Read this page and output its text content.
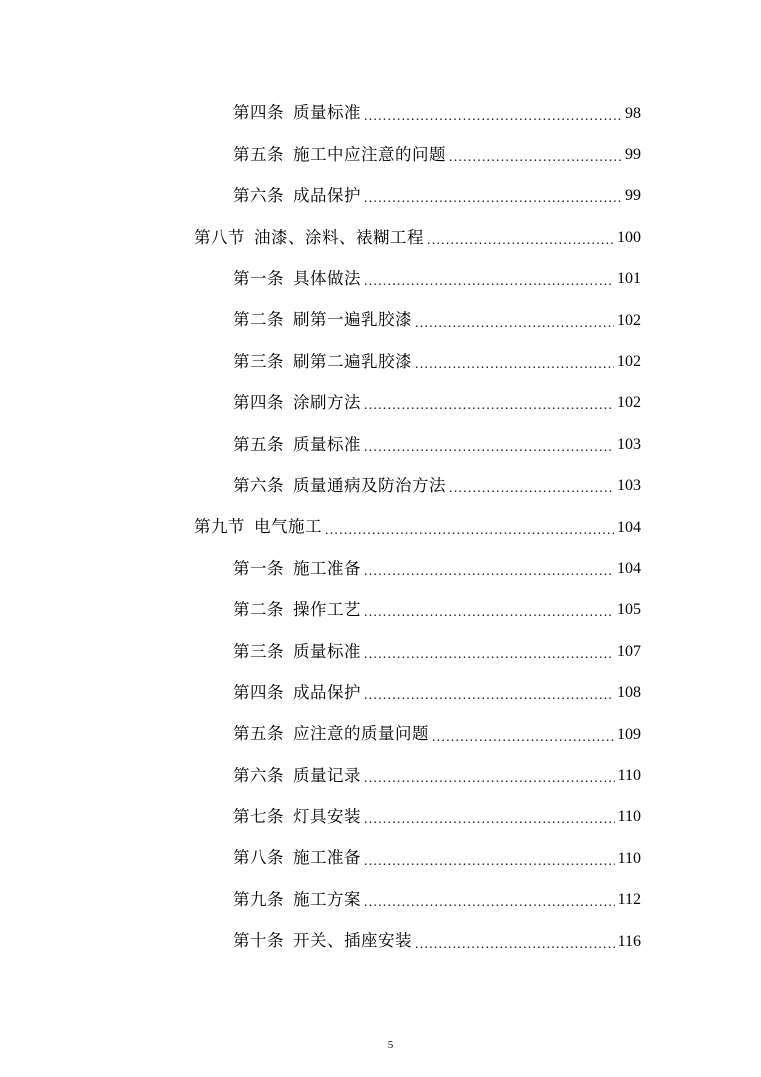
第四条 质量标准 .....	98
第五条 施工中应注意的问题 .....	99
第六条 成品保护 .....	99
第八节 油漆、涂料、裱糊工程 .....	100
第一条 具体做法 .....	101
第二条 刷第一遍乳胶漆 .....	102
第三条 刷第二遍乳胶漆 .....	102
第四条 涂刷方法 .....	102
第五条 质量标准 .....	103
第六条 质量通病及防治方法 .....	103
第九节 电气施工 .....	104
第一条 施工准备 .....	104
第二条 操作工艺 .....	105
第三条 质量标准 .....	107
第四条 成品保护 .....	108
第五条 应注意的质量问题 .....	109
第六条 质量记录 .....	110
第七条 灯具安装 .....	110
第八条 施工准备 .....	110
第九条 施工方案 .....	112
第十条 开关、插座安装 .....	116
5
